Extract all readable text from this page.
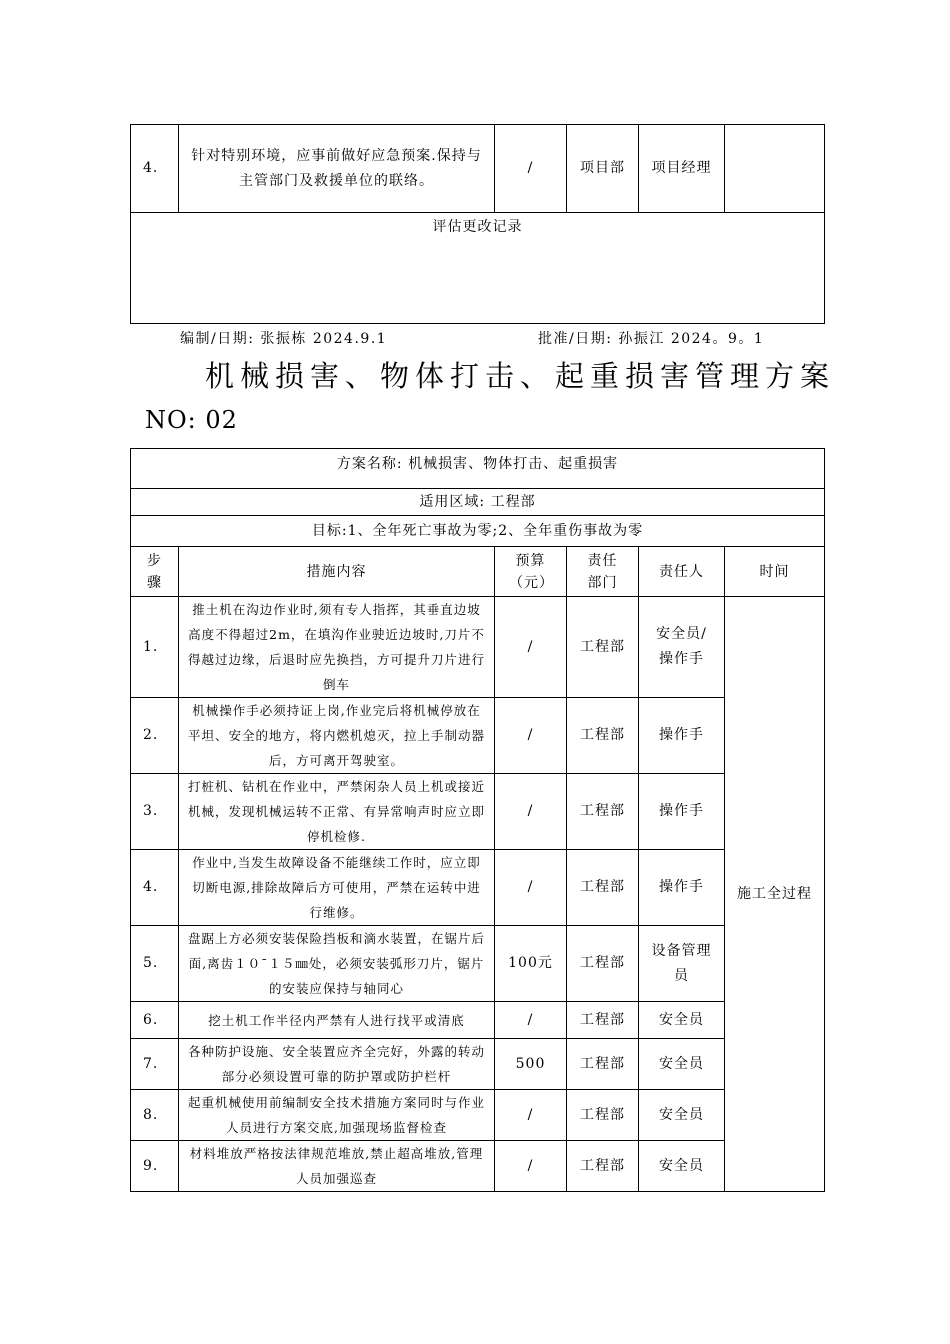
4.	针对特别环境，应事前做好应急预案.保持与主管部门及救援单位的联络。	/	项目部	项目经理	
评估更改记录
编制/日期: 张振栋 2024.9.1	批准/日期: 孙振江 2024。9。1
机械损害、物体打击、起重损害管理方案
NO: 02
方案名称: 机械损害、物体打击、起重损害					
适用区域: 工程部					
目标:1、全年死亡事故为零;2、全年重伤事故为零					
步骤	措施内容	预算（元）	责任部门	责任人	时间
1.	推土机在沟边作业时,须有专人指挥，其垂直边坡高度不得超过2m，在填沟作业驶近边坡时,刀片不得越过边缘，后退时应先换挡，方可提升刀片进行倒车	/	工程部	安全员/操作手	施工全过程
2.	机械操作手必须持证上岗,作业完后将机械停放在平坦、安全的地方，将内燃机熄灭，拉上手制动器后，方可离开驾驶室。	/	工程部	操作手	
3.	打桩机、钻机在作业中，严禁闲杂人员上机或接近机械，发现机械运转不正常、有异常响声时应立即停机检修.	/	工程部	操作手	
4.	作业中,当发生故障设备不能继续工作时，应立即切断电源,排除故障后方可使用，严禁在运转中进行维修。	/	工程部	操作手	
5.	盘踞上方必须安装保险挡板和滴水装置，在锯片后面,离齿１０¯１５㎜处，必须安装弧形刀片，锯片的安装应保持与轴同心	100元	工程部	设备管理员	
6.	挖土机工作半径内严禁有人进行找平或清底	/	工程部	安全员	
7.	各种防护设施、安全装置应齐全完好，外露的转动部分必须设置可靠的防护罩或防护栏杆	500	工程部	安全员	
8.	起重机械使用前编制安全技术措施方案同时与作业人员进行方案交底,加强现场监督检查	/	工程部	安全员	
9.	材料堆放严格按法律规范堆放,禁止超高堆放,管理人员加强巡查	/	工程部	安全员	
